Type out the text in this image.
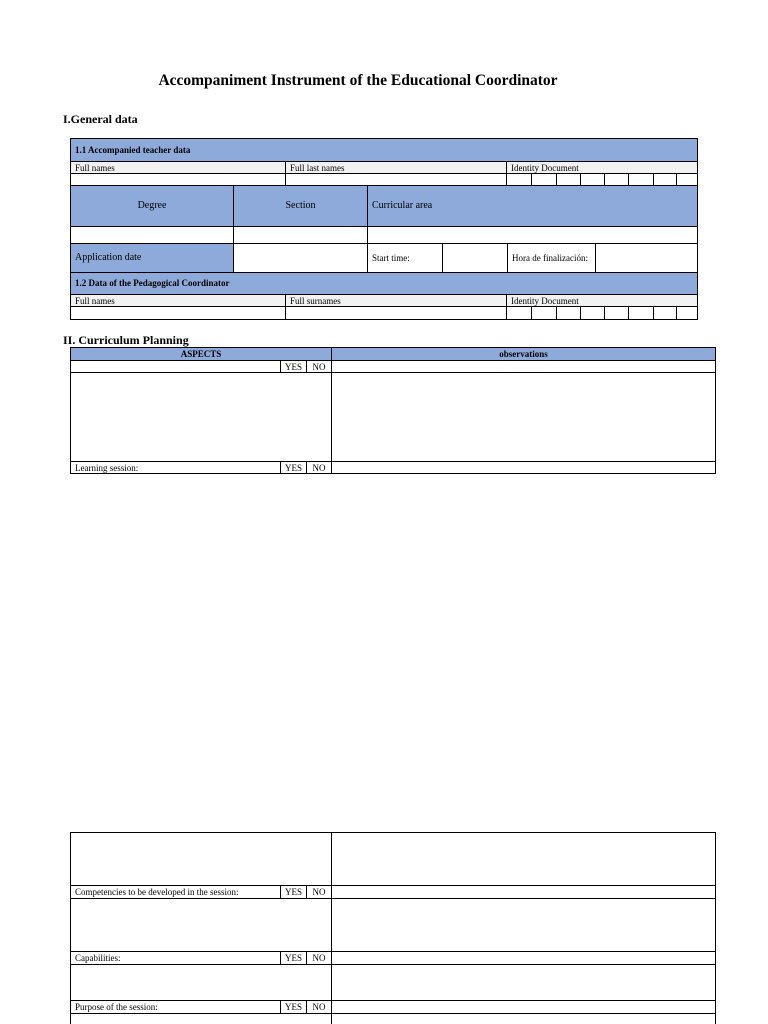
Accompaniment Instrument of the Educational Coordinator
I.General data
1.1 Accompanied teacher data
Full names	Full last names	Identity Document
Degree	Section	Curricular area
Application date	Start time:	Hora de finalización:
1.2 Data of the Pedagogical Coordinator
Full names	Full surnames	Identity Document
II. Curriculum Planning
ASPECTS	observations
YES	NO
Learning session:	YES	NO
Competencies to be developed in the session:	YES	NO
Capabilities:	YES	NO
Purpose of the session:	YES	NO
